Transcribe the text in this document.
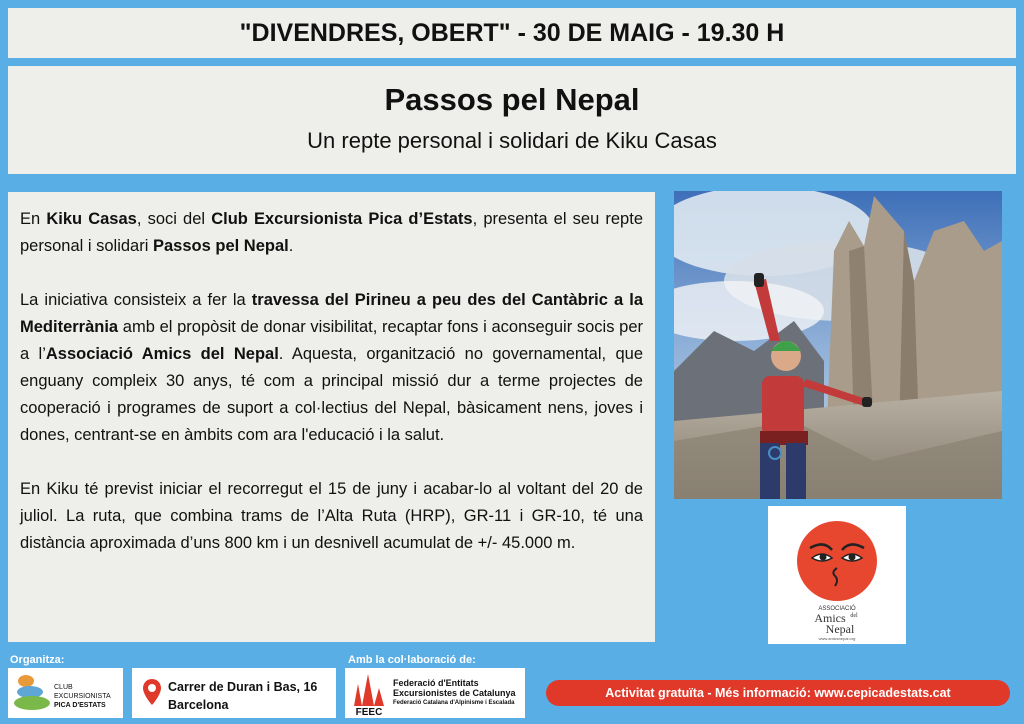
"DIVENDRES, OBERT" - 30 DE MAIG - 19.30 H
Passos pel Nepal
Un repte personal i solidari de Kiku Casas

En Kiku Casas, soci del Club Excursionista Pica d’Estats, presenta el seu repte personal i solidari Passos pel Nepal.

La iniciativa consisteix a fer la travessa del Pirineu a peu des del Cantàbric a la Mediterrània amb el propòsit de donar visibilitat, recaptar fons i aconseguir socis per a l’Associació Amics del Nepal. Aquesta, organització no governamental, que enguany compleix 30 anys, té com a principal missió dur a terme projectes de cooperació i programes de suport a col·lectius del Nepal, bàsicament nens, joves i dones, centrant-se en àmbits com ara l'educació i la salut.

En Kiku té previst iniciar el recorregut el 15 de juny i acabar-lo al voltant del 20 de juliol. La ruta, que combina trams de l’Alta Ruta (HRP), GR-11 i GR-10, té una distància aproximada d’uns 800 km i un desnivell acumulat de +/- 45.000 m.

ASSOCIACIÓ
Amics del
Nepal
www.amicsnepal.org
Organitza:
CLUB
EXCURSIONISTA
PICA D'ESTATS
Carrer de Duran i Bas, 16
Barcelona
Amb la col·laboració de:
FEEC
Federació d'Entitats
Excursionistes de Catalunya
Federació Catalana d'Alpinisme i Escalada
Activitat gratuïta - Més informació: www.cepicadestats.cat
